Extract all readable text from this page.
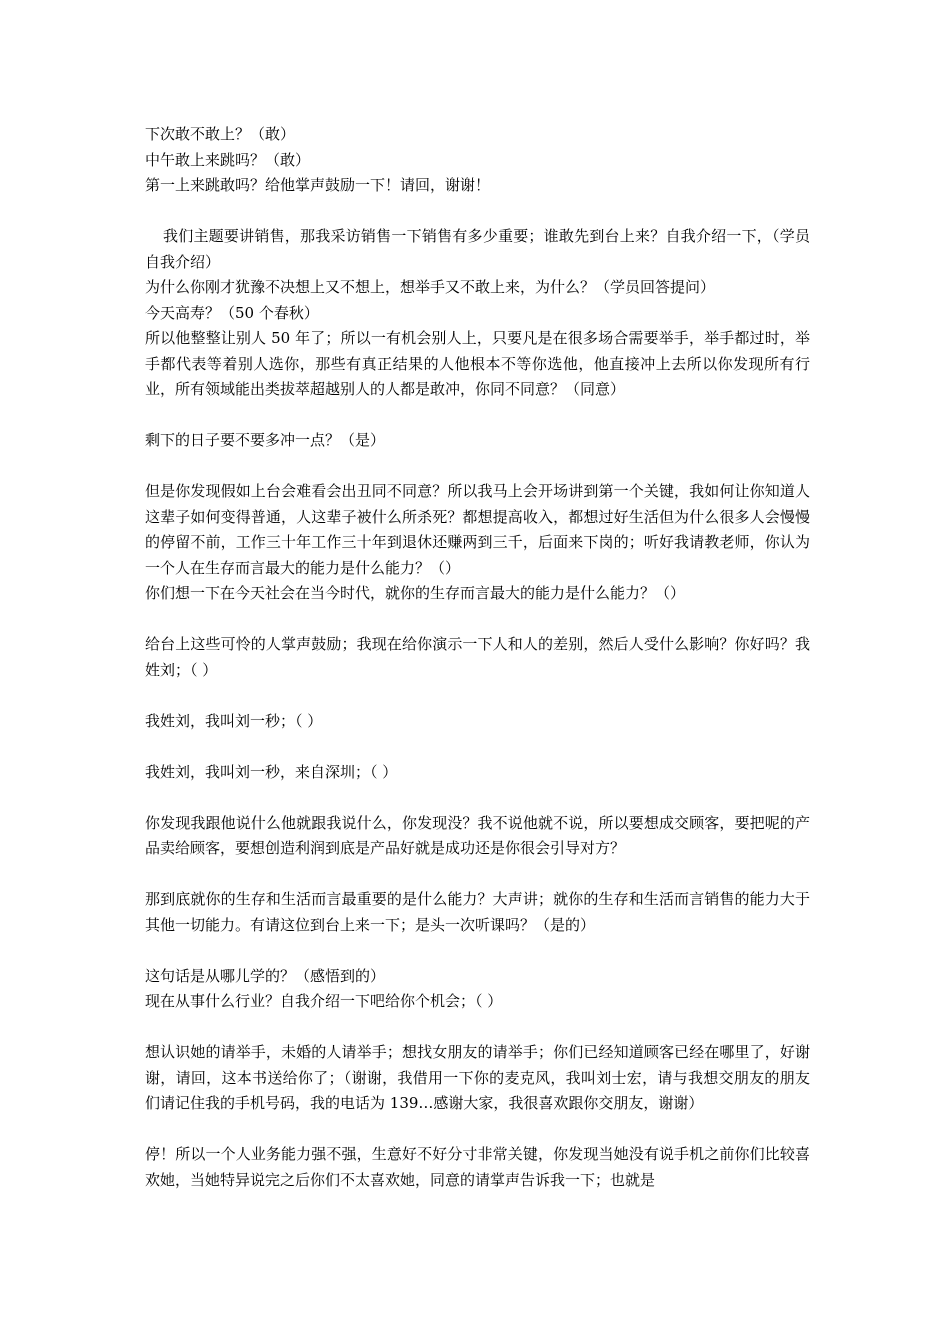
下次敢不敢上？（敢）
中午敢上来跳吗？（敢）
第一上来跳敢吗？给他掌声鼓励一下！请回，谢谢！
我们主题要讲销售，那我采访销售一下销售有多少重要；谁敢先到台上来？自我介绍一下，（学员自我介绍）
为什么你刚才犹豫不决想上又不想上，想举手又不敢上来，为什么？（学员回答提问）
今天高寿？（50 个春秋）
所以他整整让别人 50 年了；所以一有机会别人上，只要凡是在很多场合需要举手，举手都过时，举手都代表等着别人选你，那些有真正结果的人他根本不等你选他，他直接冲上去所以你发现所有行业，所有领域能出类拔萃超越别人的人都是敢冲，你同不同意？（同意）
剩下的日子要不要多冲一点？（是）
但是你发现假如上台会难看会出丑同不同意？所以我马上会开场讲到第一个关键，我如何让你知道人这辈子如何变得普通，人这辈子被什么所杀死？都想提高收入，都想过好生活但为什么很多人会慢慢的停留不前，工作三十年工作三十年到退休还赚两到三千，后面来下岗的；听好我请教老师，你认为一个人在生存而言最大的能力是什么能力？（）
你们想一下在今天社会在当今时代，就你的生存而言最大的能力是什么能力？（）
给台上这些可怜的人掌声鼓励；我现在给你演示一下人和人的差别，然后人受什么影响？你好吗？我姓刘；（ ）
我姓刘，我叫刘一秒；（ ）
我姓刘，我叫刘一秒，来自深圳；（ ）
你发现我跟他说什么他就跟我说什么，你发现没？我不说他就不说，所以要想成交顾客，要把呢的产品卖给顾客，要想创造利润到底是产品好就是成功还是你很会引导对方？
那到底就你的生存和生活而言最重要的是什么能力？大声讲；就你的生存和生活而言销售的能力大于其他一切能力。有请这位到台上来一下；是头一次听课吗？（是的）
这句话是从哪儿学的？（感悟到的）
现在从事什么行业？自我介绍一下吧给你个机会；（ ）
想认识她的请举手，未婚的人请举手；想找女朋友的请举手；你们已经知道顾客已经在哪里了，好谢谢，请回，这本书送给你了；（谢谢，我借用一下你的麦克风，我叫刘士宏，请与我想交朋友的朋友们请记住我的手机号码，我的电话为 139…感谢大家，我很喜欢跟你交朋友，谢谢）
停！所以一个人业务能力强不强，生意好不好分寸非常关键，你发现当她没有说手机之前你们比较喜欢她，当她特异说完之后你们不太喜欢她，同意的请掌声告诉我一下；也就是
